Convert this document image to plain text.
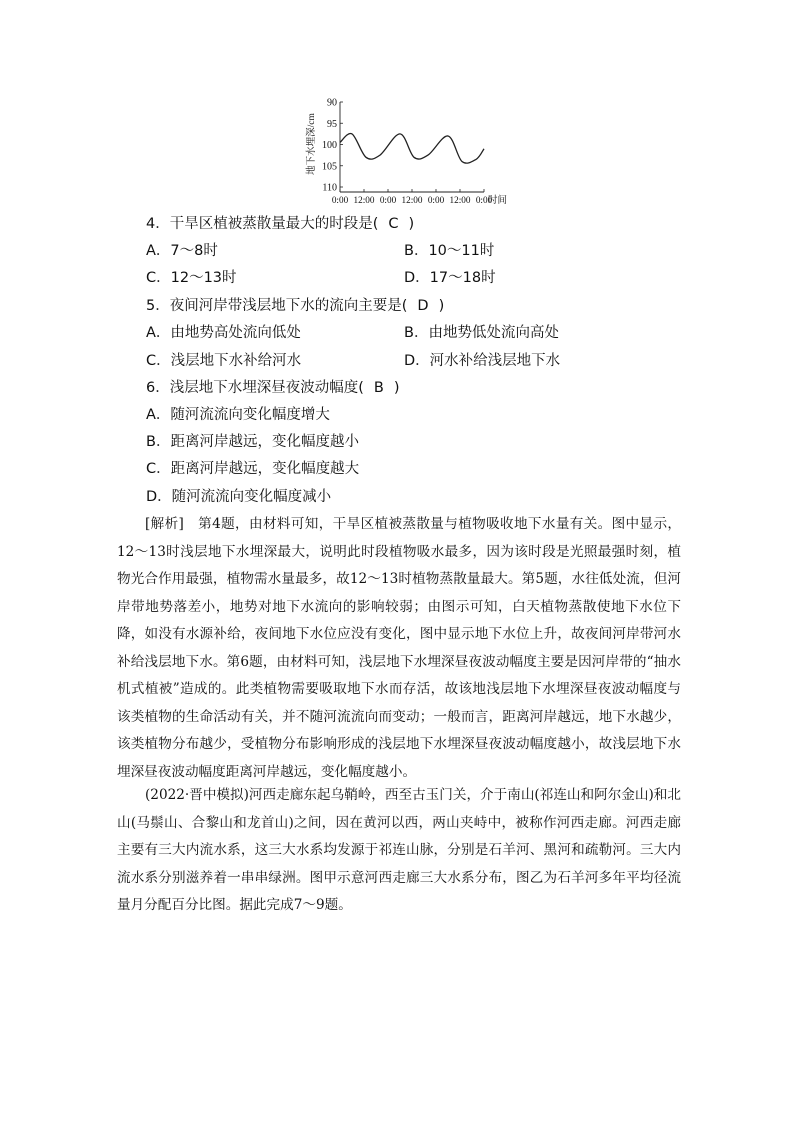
地下水埋深/cm
90
95
100
105
110
0:00 12:00 0:00 12:00 0:00 12:00 0:00
时间
4．干旱区植被蒸散量最大的时段是( C )
A．7～8时	B．10～11时
C．12～13时	D．17～18时
5．夜间河岸带浅层地下水的流向主要是( D )
A．由地势高处流向低处	B．由地势低处流向高处
C．浅层地下水补给河水	D．河水补给浅层地下水
6．浅层地下水埋深昼夜波动幅度( B )
A．随河流流向变化幅度增大
B．距离河岸越远，变化幅度越小
C．距离河岸越远，变化幅度越大
D．随河流流向变化幅度减小
[解析]　第4题，由材料可知，干旱区植被蒸散量与植物吸收地下水量有关。图中显示，12～13时浅层地下水埋深最大，说明此时段植物吸水最多，因为该时段是光照最强时刻，植物光合作用最强，植物需水量最多，故12～13时植物蒸散量最大。第5题，水往低处流，但河岸带地势落差小，地势对地下水流向的影响较弱；由图示可知，白天植物蒸散使地下水位下降，如没有水源补给，夜间地下水位应没有变化，图中显示地下水位上升，故夜间河岸带河水补给浅层地下水。第6题，由材料可知，浅层地下水埋深昼夜波动幅度主要是因河岸带的“抽水机式植被”造成的。此类植物需要吸取地下水而存活，故该地浅层地下水埋深昼夜波动幅度与该类植物的生命活动有关，并不随河流流向而变动；一般而言，距离河岸越远，地下水越少，该类植物分布越少，受植物分布影响形成的浅层地下水埋深昼夜波动幅度越小，故浅层地下水埋深昼夜波动幅度距离河岸越远，变化幅度越小。
(2022·晋中模拟)河西走廊东起乌鞘岭，西至古玉门关，介于南山(祁连山和阿尔金山)和北山(马鬃山、合黎山和龙首山)之间，因在黄河以西，两山夹峙中，被称作河西走廊。河西走廊主要有三大内流水系，这三大水系均发源于祁连山脉，分别是石羊河、黑河和疏勒河。三大内流水系分别滋养着一串串绿洲。图甲示意河西走廊三大水系分布，图乙为石羊河多年平均径流量月分配百分比图。据此完成7～9题。
